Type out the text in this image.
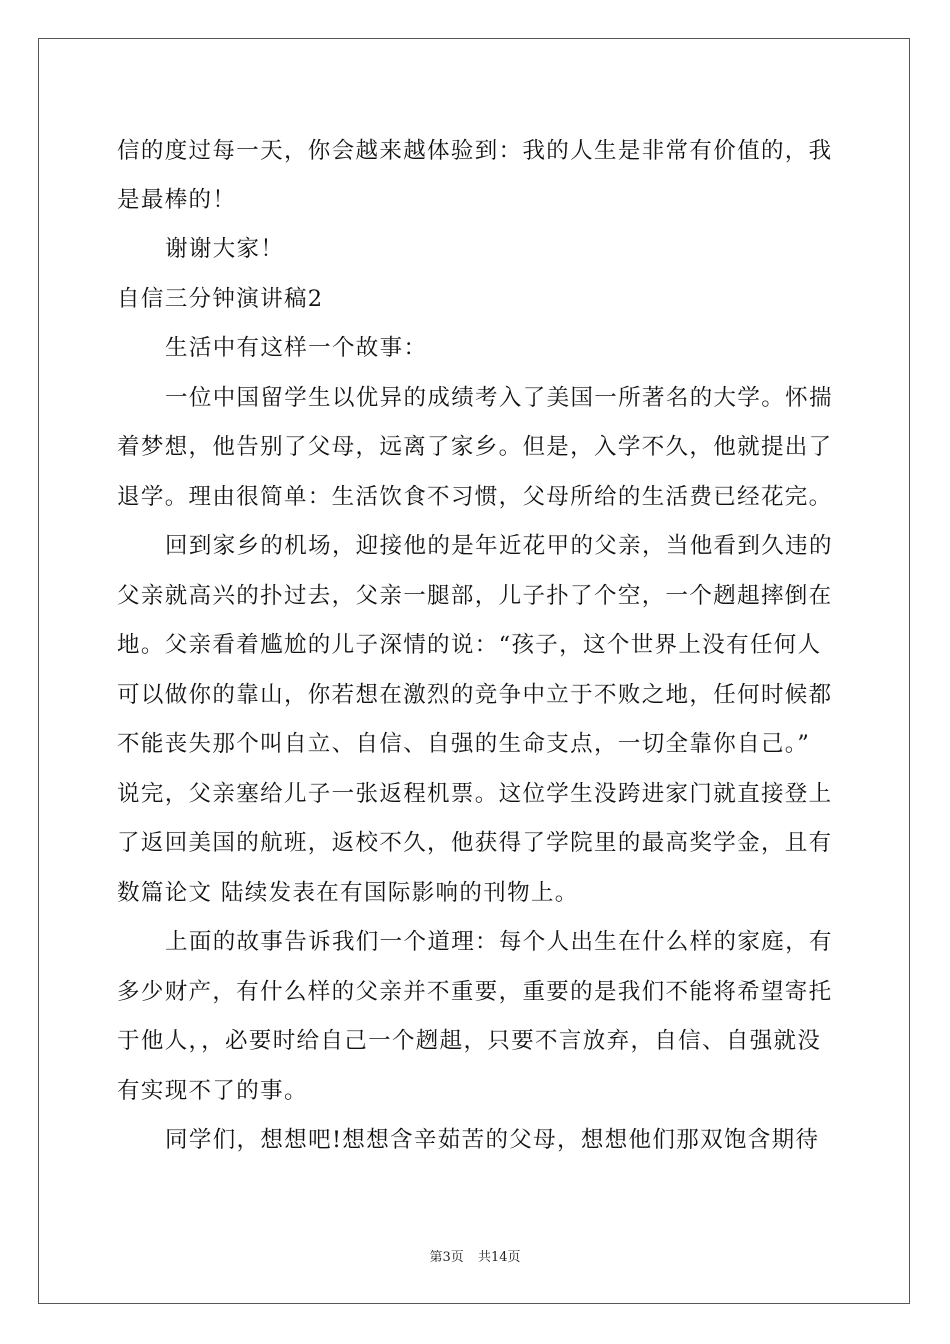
信的度过每一天，你会越来越体验到：我的人生是非常有价值的，我
是最棒的！
谢谢大家！
自信三分钟演讲稿2
生活中有这样一个故事：
一位中国留学生以优异的成绩考入了美国一所著名的大学。怀揣
着梦想，他告别了父母，远离了家乡。但是，入学不久，他就提出了
退学。理由很简单：生活饮食不习惯，父母所给的生活费已经花完。
回到家乡的机场，迎接他的是年近花甲的父亲，当他看到久违的
父亲就高兴的扑过去，父亲一腿部，儿子扑了个空，一个趔趄摔倒在
地。父亲看着尴尬的儿子深情的说：“孩子，这个世界上没有任何人
可以做你的靠山，你若想在激烈的竞争中立于不败之地，任何时候都
不能丧失那个叫自立、自信、自强的生命支点，一切全靠你自己。”
说完，父亲塞给儿子一张返程机票。这位学生没跨进家门就直接登上
了返回美国的航班，返校不久，他获得了学院里的最高奖学金，且有
数篇论文 陆续发表在有国际影响的刊物上。
上面的故事告诉我们一个道理：每个人出生在什么样的家庭，有
多少财产，有什么样的父亲并不重要，重要的是我们不能将希望寄托
于他人，，必要时给自己一个趔趄，只要不言放弃，自信、自强就没
有实现不了的事。
同学们，想想吧!想想含辛茹苦的父母，想想他们那双饱含期待
第3页 共14页
